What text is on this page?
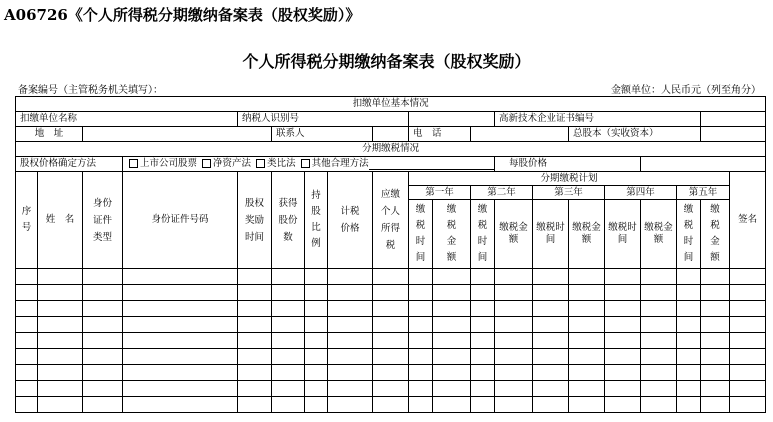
A06726《个人所得税分期缴纳备案表（股权奖励）》
个人所得税分期缴纳备案表（股权奖励）
备案编号（主管税务机关填写）：	金额单位：人民币元（列至角分）
扣缴单位基本情况																			
扣缴单位名称				纳税人识别号								高新技术企业证书编号							
地　址					联系人				电　话					总股本（实收资本）					
分期缴税情况																			
股权价格确定方法			上市公司股票 净资产法 类比法 其他合理方法									每股价格							
序号	姓　名	身份证件类型	身份证件号码	股权奖励时间	获得股份数	持股比例	计税价格	应缴个人所得税	分期缴税计划										签名
									第一年		第二年		第三年		第四年		第五年		
									缴税时间	缴税金额	缴税时间	缴税金额	缴税时间	缴税金额	缴税时间	缴税金额	缴税时间	缴税金额	
